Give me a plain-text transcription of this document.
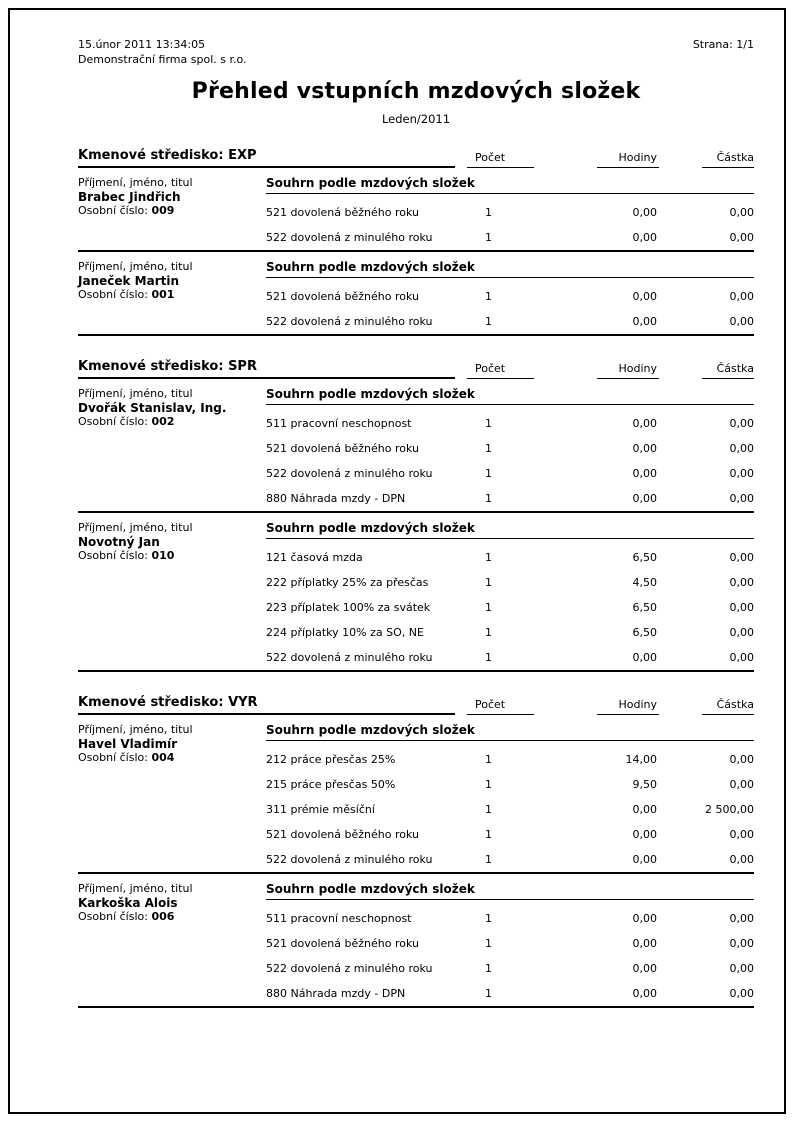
15.únor 2011 13:34:05
Demonstrační firma spol. s r.o.
Strana: 1/1
Přehled vstupních mzdových složek
Leden/2011
Kmenové středisko: EXP	Počet	Hodiny	Částka
Příjmení, jméno, titul
Brabec Jindřich
Osobní číslo: 009
Souhrn podle mzdových složek
521 dovolená běžného roku	1	0,00	0,00
522 dovolená z minulého roku	1	0,00	0,00
Příjmení, jméno, titul
Janeček Martin
Osobní číslo: 001
Souhrn podle mzdových složek
521 dovolená běžného roku	1	0,00	0,00
522 dovolená z minulého roku	1	0,00	0,00
Kmenové středisko: SPR	Počet	Hodiny	Částka
Příjmení, jméno, titul
Dvořák Stanislav, Ing.
Osobní číslo: 002
Souhrn podle mzdových složek
511 pracovní neschopnost	1	0,00	0,00
521 dovolená běžného roku	1	0,00	0,00
522 dovolená z minulého roku	1	0,00	0,00
880 Náhrada mzdy - DPN	1	0,00	0,00
Příjmení, jméno, titul
Novotný Jan
Osobní číslo: 010
Souhrn podle mzdových složek
121 časová mzda	1	6,50	0,00
222 příplatky 25% za přesčas	1	4,50	0,00
223 příplatek 100% za svátek	1	6,50	0,00
224 příplatky 10% za SO, NE	1	6,50	0,00
522 dovolená z minulého roku	1	0,00	0,00
Kmenové středisko: VYR	Počet	Hodiny	Částka
Příjmení, jméno, titul
Havel Vladimír
Osobní číslo: 004
Souhrn podle mzdových složek
212 práce přesčas 25%	1	14,00	0,00
215 práce přesčas 50%	1	9,50	0,00
311 prémie měsíční	1	0,00	2 500,00
521 dovolená běžného roku	1	0,00	0,00
522 dovolená z minulého roku	1	0,00	0,00
Příjmení, jméno, titul
Karkoška Alois
Osobní číslo: 006
Souhrn podle mzdových složek
511 pracovní neschopnost	1	0,00	0,00
521 dovolená běžného roku	1	0,00	0,00
522 dovolená z minulého roku	1	0,00	0,00
880 Náhrada mzdy - DPN	1	0,00	0,00
